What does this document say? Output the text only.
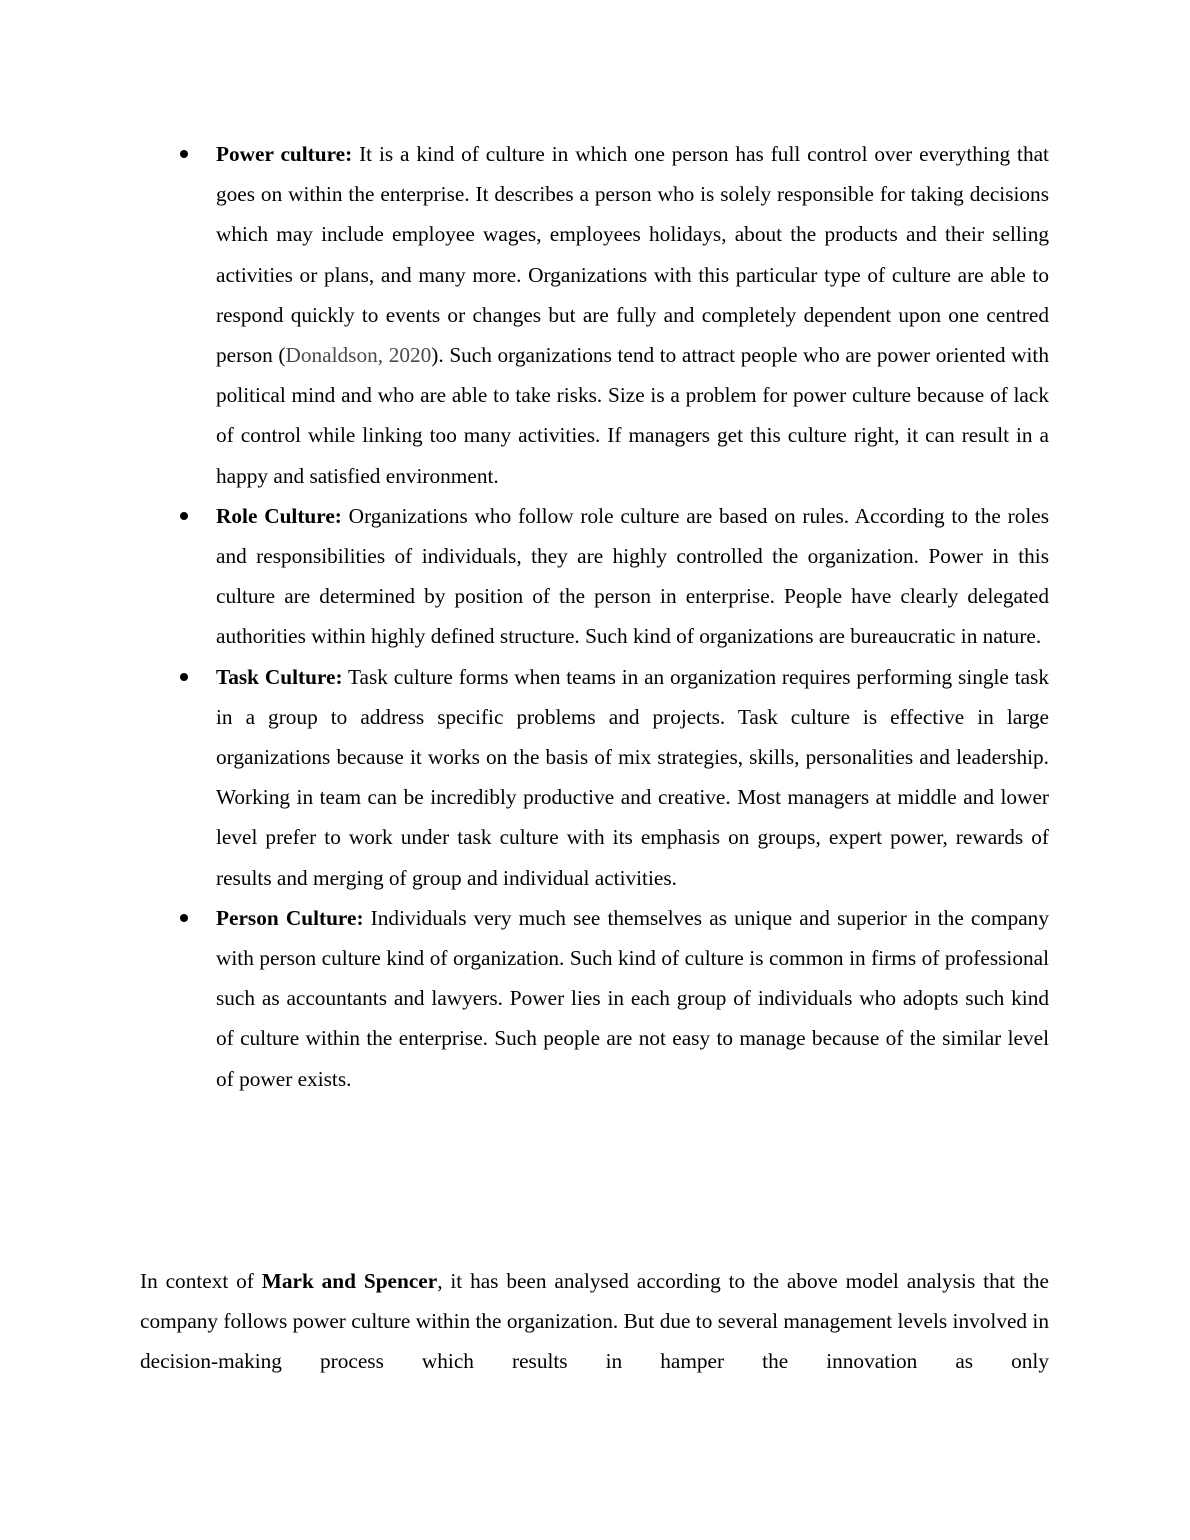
Power culture: It is a kind of culture in which one person has full control over everything that goes on within the enterprise. It describes a person who is solely responsible for taking decisions which may include employee wages, employees holidays, about the products and their selling activities or plans, and many more. Organizations with this particular type of culture are able to respond quickly to events or changes but are fully and completely dependent upon one centred person (Donaldson, 2020). Such organizations tend to attract people who are power oriented with political mind and who are able to take risks. Size is a problem for power culture because of lack of control while linking too many activities. If managers get this culture right, it can result in a happy and satisfied environment.
Role Culture: Organizations who follow role culture are based on rules. According to the roles and responsibilities of individuals, they are highly controlled the organization. Power in this culture are determined by position of the person in enterprise. People have clearly delegated authorities within highly defined structure. Such kind of organizations are bureaucratic in nature.
Task Culture: Task culture forms when teams in an organization requires performing single task in a group to address specific problems and projects. Task culture is effective in large organizations because it works on the basis of mix strategies, skills, personalities and leadership. Working in team can be incredibly productive and creative. Most managers at middle and lower level prefer to work under task culture with its emphasis on groups, expert power, rewards of results and merging of group and individual activities.
Person Culture: Individuals very much see themselves as unique and superior in the company with person culture kind of organization. Such kind of culture is common in firms of professional such as accountants and lawyers. Power lies in each group of individuals who adopts such kind of culture within the enterprise. Such people are not easy to manage because of the similar level of power exists.

In context of Mark and Spencer, it has been analysed according to the above model analysis that the company follows power culture within the organization. But due to several management levels involved in decision-making process which results in hamper the innovation as only
